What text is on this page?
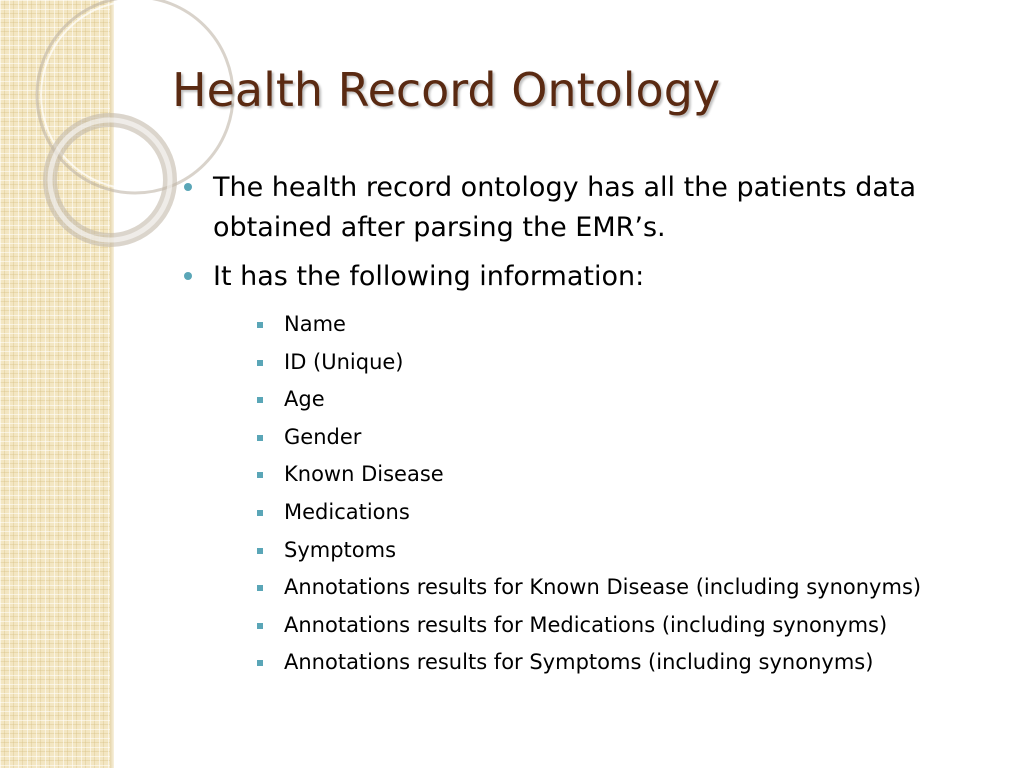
Health Record Ontology
The health record ontology has all the patients data obtained after parsing the EMR’s.
It has the following information:
Name
ID (Unique)
Age
Gender
Known Disease
Medications
Symptoms
Annotations results for Known Disease (including synonyms)
Annotations results for Medications (including synonyms)
Annotations results for Symptoms (including synonyms)
